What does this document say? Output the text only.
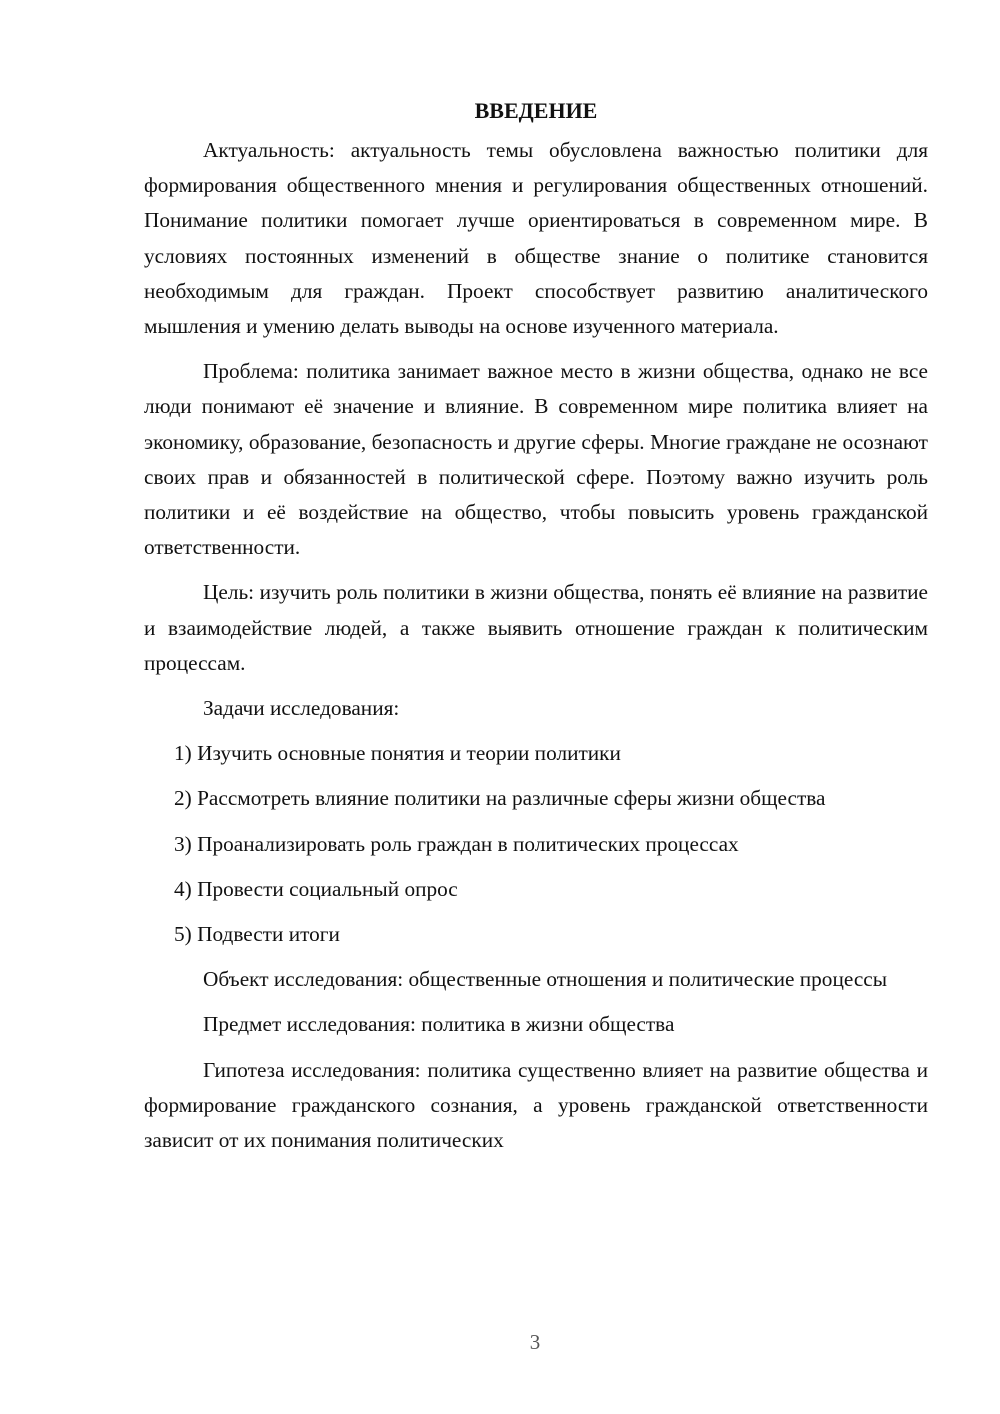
ВВЕДЕНИЕ

Актуальность: актуальность темы обусловлена важностью политики для формирования общественного мнения и регулирования общественных отношений. Понимание политики помогает лучше ориентироваться в современном мире. В условиях постоянных изменений в обществе знание о политике становится необходимым для граждан. Проект способствует развитию аналитического мышления и умению делать выводы на основе изученного материала.

Проблема: политика занимает важное место в жизни общества, однако не все люди понимают её значение и влияние. В современном мире политика влияет на экономику, образование, безопасность и другие сферы. Многие граждане не осознают своих прав и обязанностей в политической сфере. Поэтому важно изучить роль политики и её воздействие на общество, чтобы повысить уровень гражданской ответственности.

Цель: изучить роль политики в жизни общества, понять её влияние на развитие и взаимодействие людей, а также выявить отношение граждан к политическим процессам.

Задачи исследования:

1) Изучить основные понятия и теории политики

2) Рассмотреть влияние политики на различные сферы жизни общества

3) Проанализировать роль граждан в политических процессах

4) Провести социальный опрос

5) Подвести итоги

Объект исследования: общественные отношения и политические процессы

Предмет исследования: политика в жизни общества

Гипотеза исследования: политика существенно влияет на развитие общества и формирование гражданского сознания, а уровень гражданской ответственности зависит от их понимания политических

3
